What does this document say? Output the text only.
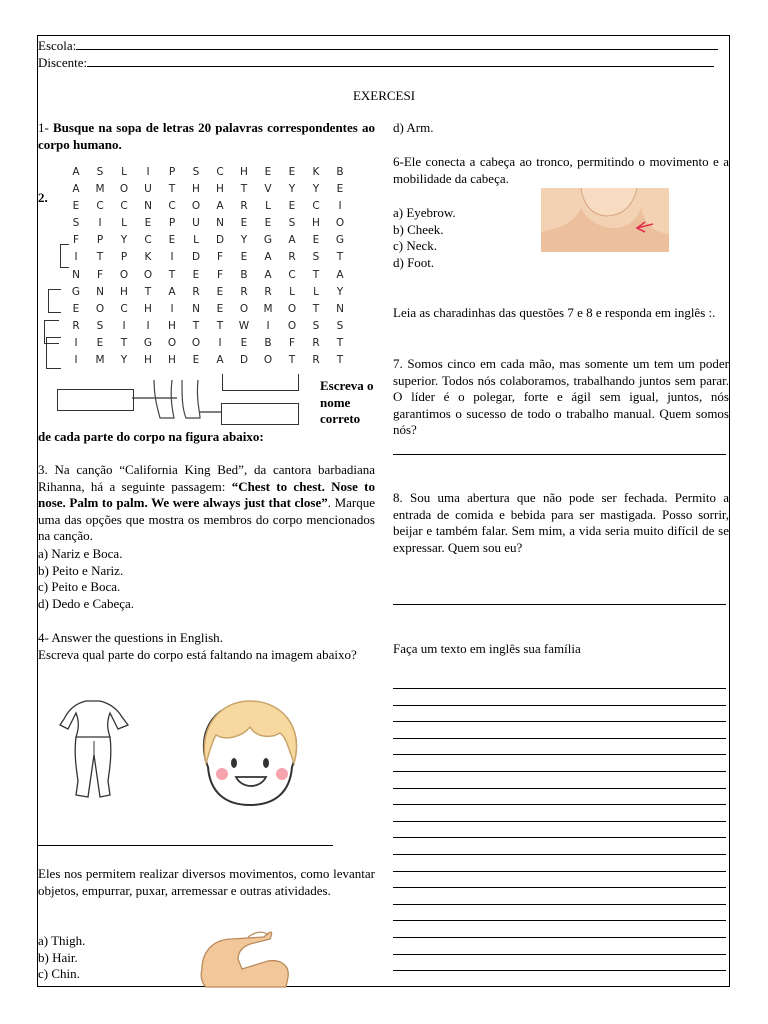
Escola:
Discente:
EXERCESI
1- Busque na sopa de letras 20 palavras correspondentes ao corpo humano.
2.
A	S	L	I	P	S	C	H	E	E	K	B
A	M	O	U	T	H	H	T	V	Y	Y	E
E	C	C	N	C	O	A	R	L	E	C	I
S	I	L	E	P	U	N	E	E	S	H	O
F	P	Y	C	E	L	D	Y	G	A	E	G
I	T	P	K	I	D	F	E	A	R	S	T
N	F	O	O	T	E	F	B	A	C	T	A
G	N	H	T	A	R	E	R	R	L	L	Y
E	O	C	H	I	N	E	O	M	O	T	N
R	S	I	I	H	T	T	W	I	O	S	S
I	E	T	G	O	O	I	E	B	F	R	T
I	M	Y	H	H	E	A	D	O	T	R	T
Escreva o nome correto
de cada parte do corpo na figura abaixo:
3. Na canção “California King Bed”, da cantora barbadiana Rihanna, há a seguinte passagem: “Chest to chest. Nose to nose. Palm to palm. We were always just that close”. Marque uma das opções que mostra os membros do corpo mencionados na canção.
a) Nariz e Boca.
b) Peito e Nariz.
c) Peito e Boca.
d) Dedo e Cabeça.
4- Answer the questions in English.
Escreva qual parte do corpo está faltando na imagem abaixo?
Eles nos permitem realizar diversos movimentos, como levantar objetos, empurrar, puxar, arremessar e outras atividades.
a) Thigh.
b) Hair.
c) Chin.
d) Arm.
6-Ele conecta a cabeça ao tronco, permitindo o movimento e a mobilidade da cabeça.
a) Eyebrow.
b) Cheek.
c) Neck.
d) Foot.
Leia as charadinhas das questões 7 e 8 e responda em inglês :.
7. Somos cinco em cada mão, mas somente um tem um poder superior. Todos nós colaboramos, trabalhando juntos sem parar. O líder é o polegar, forte e ágil sem igual, juntos, nós garantimos o sucesso de todo o trabalho manual. Quem somos nós?
8. Sou uma abertura que não pode ser fechada. Permito a entrada de comida e bebida para ser mastigada. Posso sorrir, beijar e também falar. Sem mim, a vida seria muito difícil de se expressar. Quem sou eu?
Faça um texto em inglês sua família
